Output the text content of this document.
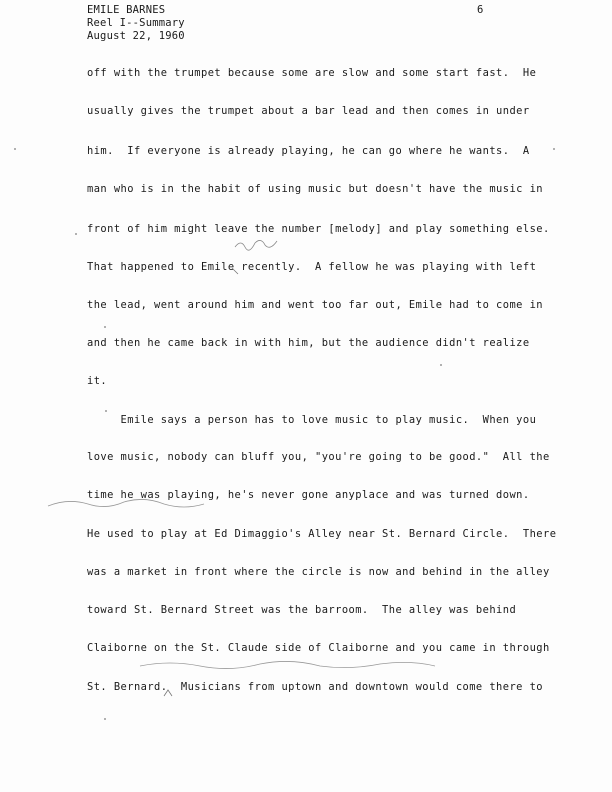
EMILE BARNES
Reel I--Summary
August 22, 1960
6
off with the trumpet because some are slow and some start fast.  He
usually gives the trumpet about a bar lead and then comes in under
him.  If everyone is already playing, he can go where he wants.  A
man who is in the habit of using music but doesn't have the music in
front of him might leave the number [melody] and play something else.
That happened to Emile recently.  A fellow he was playing with left
the lead, went around him and went too far out, Emile had to come in
and then he came back in with him, but the audience didn't realize
it.
Emile says a person has to love music to play music.  When you
love music, nobody can bluff you, "you're going to be good."  All the
time he was playing, he's never gone anyplace and was turned down.
He used to play at Ed Dimaggio's Alley near St. Bernard Circle.  There
was a market in front where the circle is now and behind in the alley
toward St. Bernard Street was the barroom.  The alley was behind
Claiborne on the St. Claude side of Claiborne and you came in through
St. Bernard.  Musicians from uptown and downtown would come there to
